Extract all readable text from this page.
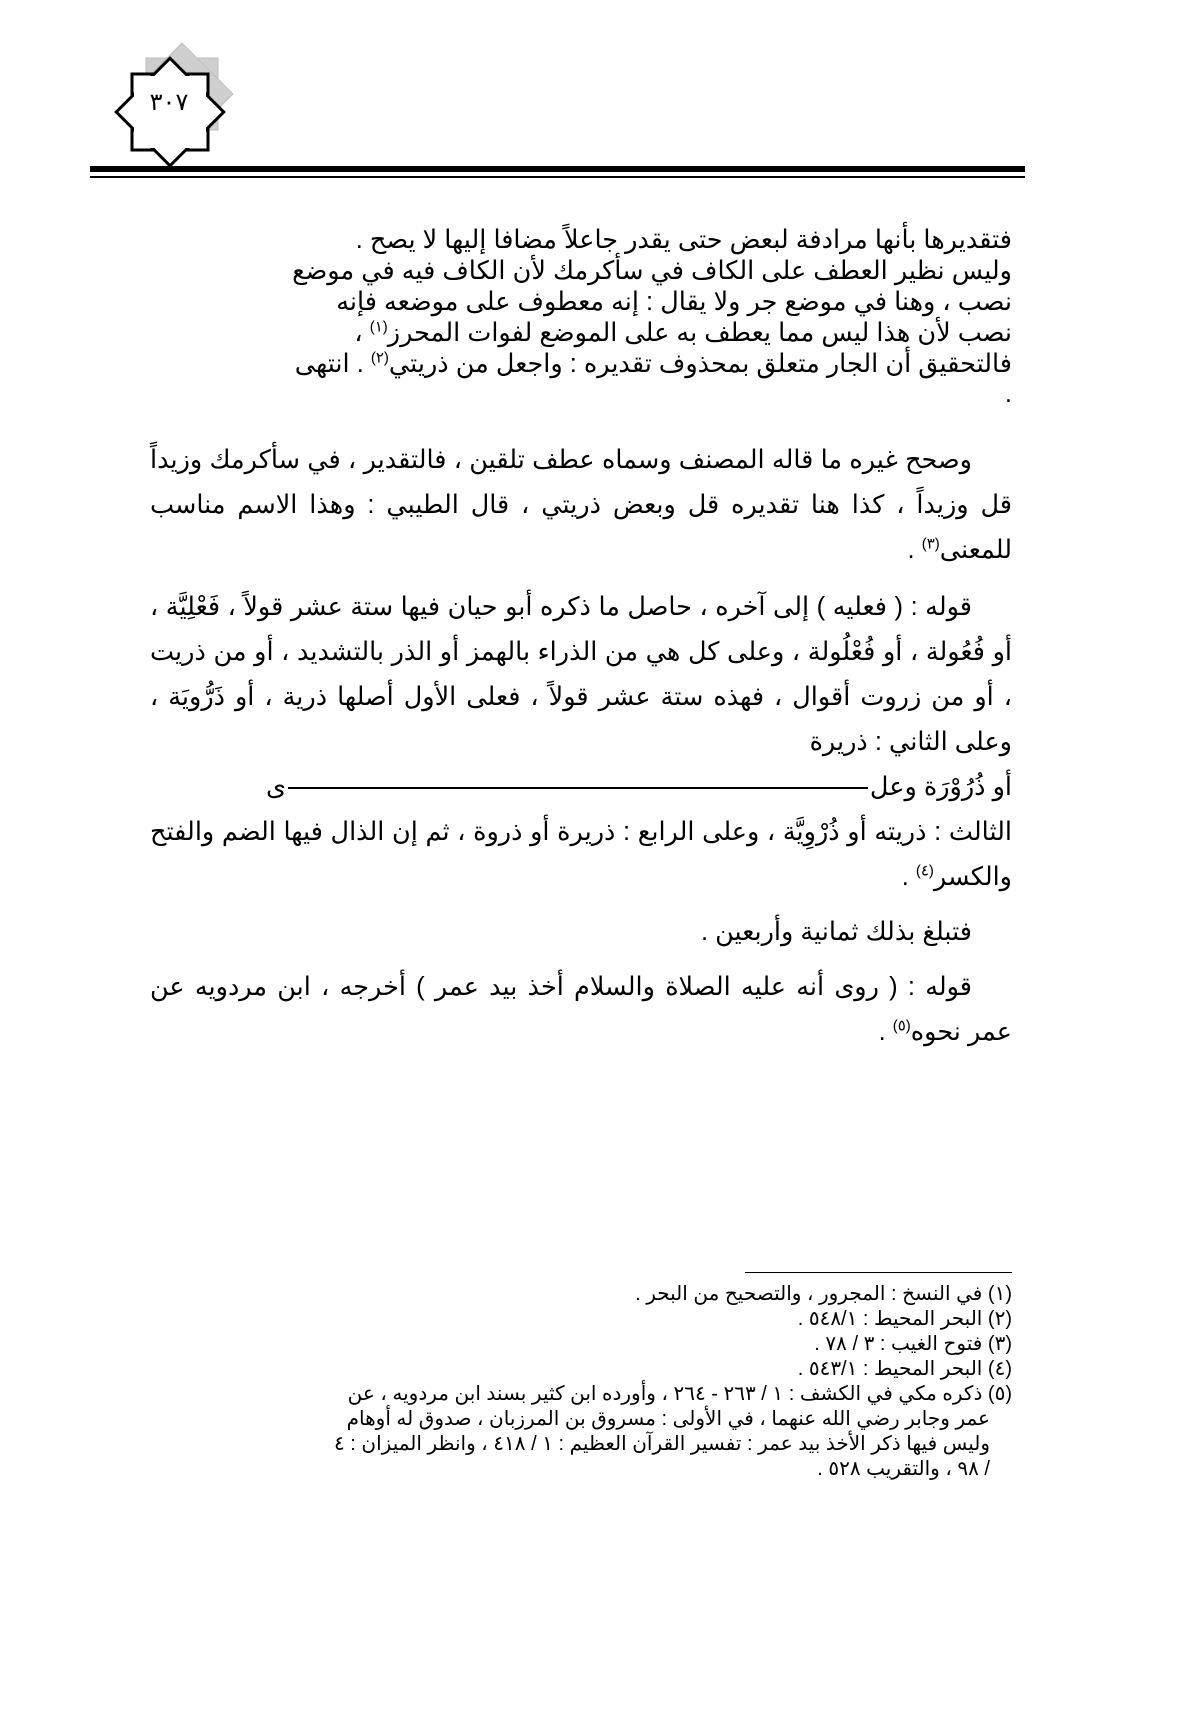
٣٠٧

فتقديرها بأنها مرادفة لبعض حتى يقدر جاعلاً مضافا إليها لا يصح .

وليس نظير العطف على الكاف في سأكرمك لأن الكاف فيه في موضع

نصب ، وهنا في موضع جر ولا يقال : إنه معطوف على موضعه فإنه

نصب لأن هذا ليس مما يعطف به على الموضع لفوات المحرز$^{(١)}$ ،

فالتحقيق أن الجار متعلق بمحذوف تقديره : واجعل من ذريتي$^{(٢)}$ . انتهى

.

وصحح غيره ما قاله المصنف وسماه عطف تلقين ، فالتقدير ، في سأكرمك وزيداً قل وزيداً ، كذا هنا تقديره قل وبعض ذريتي ، قال الطيبي : وهذا الاسم مناسب للمعنى$^{(٣)}$ .

قوله : ( فعليه ) إلى آخره ، حاصل ما ذكره أبو حيان فيها ستة عشر قولاً ، فَعْلِيَّة ، أو فُعُولة ، أو فُعْلُولة ، وعلى كل هي من الذراء بالهمز أو الذر بالتشديد ، أو من ذريت ، أو من زروت أقوال ، فهذه ستة عشر قولاً ، فعلى الأول أصلها ذرية ، أو ذَرُّويَة ، وعلى الثاني : ذريرة

أو ذُرُوْرَة وعلى

الثالث : ذريته أو ذُرْوِيَّة ، وعلى الرابع : ذريرة أو ذروة ، ثم إن الذال فيها الضم والفتح والكسر$^{(٤)}$ .

فتبلغ بذلك ثمانية وأربعين .

قوله : ( روى أنه عليه الصلاة والسلام أخذ بيد عمر ) أخرجه ، ابن مردويه عن عمر نحوه$^{(٥)}$ .

(١) في النسخ : المجرور ، والتصحيح من البحر .

(٢) البحر المحيط : ٥٤٨/١ .

(٣) فتوح الغيب : ٣ / ٧٨ .

(٤) البحر المحيط : ٥٤٣/١ .

(٥) ذكره مكي في الكشف : ١ / ٢٦٣ - ٢٦٤ ، وأورده ابن كثير بسند ابن مردويه ، عن

عمر وجابر رضي الله عنهما ، في الأولى : مسروق بن المرزبان ، صدوق له أوهام

وليس فيها ذكر الأخذ بيد عمر : تفسير القرآن العظيم : ١ / ٤١٨ ، وانظر الميزان : ٤

/ ٩٨ ، والتقريب ٥٢٨ .
